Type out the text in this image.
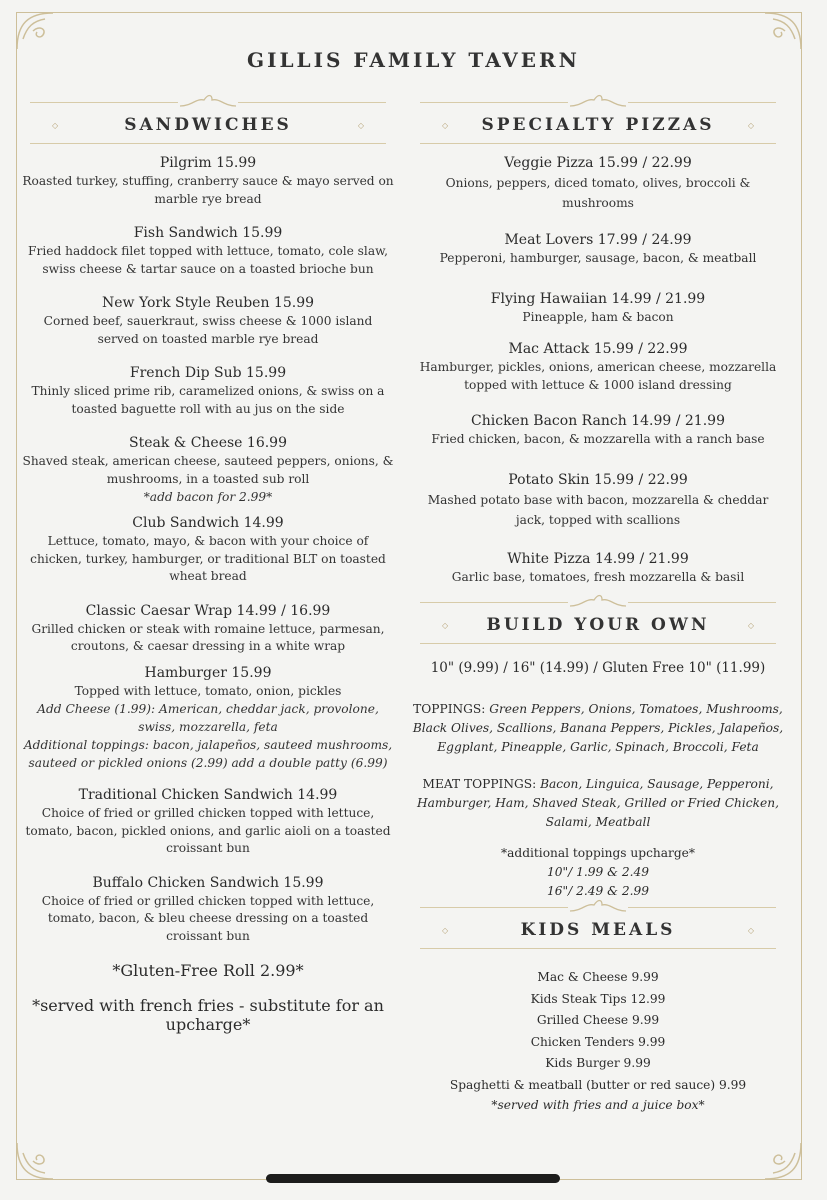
GILLIS FAMILY TAVERN
◇	SANDWICHES	◇
Pilgrim 15.99
Roasted turkey, stuffing, cranberry sauce & mayo served on marble rye bread
Fish Sandwich 15.99
Fried haddock filet topped with lettuce, tomato, cole slaw, swiss cheese & tartar sauce on a toasted brioche bun
New York Style Reuben 15.99
Corned beef, sauerkraut, swiss cheese & 1000 island served on toasted marble rye bread
French Dip Sub 15.99
Thinly sliced prime rib, caramelized onions, & swiss on a toasted baguette roll with au jus on the side
Steak & Cheese 16.99
Shaved steak, american cheese, sauteed peppers, onions, & mushrooms, in a toasted sub roll
*add bacon for 2.99*
Club Sandwich 14.99
Lettuce, tomato, mayo, & bacon with your choice of chicken, turkey, hamburger, or traditional BLT on toasted wheat bread
Classic Caesar Wrap 14.99 / 16.99
Grilled chicken or steak with romaine lettuce, parmesan, croutons, & caesar dressing in a white wrap
Hamburger 15.99
Topped with lettuce, tomato, onion, pickles
Add Cheese (1.99): American, cheddar jack, provolone, swiss, mozzarella, feta
Additional toppings: bacon, jalapeños, sauteed mushrooms, sauteed or pickled onions (2.99) add a double patty (6.99)
Traditional Chicken Sandwich 14.99
Choice of fried or grilled chicken topped with lettuce, tomato, bacon, pickled onions, and garlic aioli on a toasted croissant bun
Buffalo Chicken Sandwich 15.99
Choice of fried or grilled chicken topped with lettuce, tomato, bacon, & bleu cheese dressing on a toasted croissant bun
*Gluten-Free Roll 2.99*
*served with french fries - substitute for an upcharge*
◇	SPECIALTY PIZZAS	◇
Veggie Pizza 15.99 / 22.99
Onions, peppers, diced tomato, olives, broccoli & mushrooms
Meat Lovers 17.99 / 24.99
Pepperoni, hamburger, sausage, bacon, & meatball
Flying Hawaiian 14.99 / 21.99
Pineapple, ham & bacon
Mac Attack 15.99 / 22.99
Hamburger, pickles, onions, american cheese, mozzarella topped with lettuce & 1000 island dressing
Chicken Bacon Ranch 14.99 / 21.99
Fried chicken, bacon, & mozzarella with a ranch base
Potato Skin 15.99 / 22.99
Mashed potato base with bacon, mozzarella & cheddar jack, topped with scallions
White Pizza 14.99 / 21.99
Garlic base, tomatoes, fresh mozzarella & basil
◇	BUILD YOUR OWN	◇
10" (9.99) / 16" (14.99) / Gluten Free 10" (11.99)
TOPPINGS: Green Peppers, Onions, Tomatoes, Mushrooms, Black Olives, Scallions, Banana Peppers, Pickles, Jalapeños, Eggplant, Pineapple, Garlic, Spinach, Broccoli, Feta
MEAT TOPPINGS: Bacon, Linguica, Sausage, Pepperoni, Hamburger, Ham, Shaved Steak, Grilled or Fried Chicken, Salami, Meatball
*additional toppings upcharge*
10"/ 1.99 & 2.49
16"/ 2.49 & 2.99
◇	KIDS MEALS	◇
Mac & Cheese 9.99
Kids Steak Tips 12.99
Grilled Cheese 9.99
Chicken Tenders 9.99
Kids Burger 9.99
Spaghetti & meatball (butter or red sauce) 9.99
*served with fries and a juice box*
